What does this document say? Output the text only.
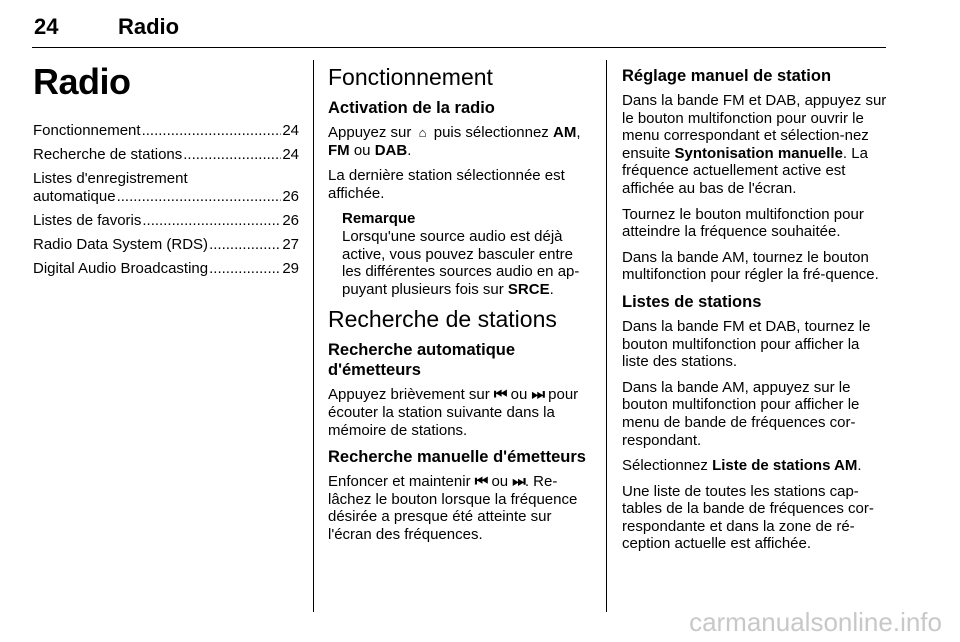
24	Radio
Radio
Fonctionnement .....	24
Recherche de stations .....	24
Listes d'enregistrement
automatique .....	26
Listes de favoris .....	26
Radio Data System (RDS) .....	27
Digital Audio Broadcasting .....	29
Fonctionnement
Activation de la radio

Appuyez sur ⌂ puis sélectionnez AM, FM ou DAB.

La dernière station sélectionnée est affichée.

Remarque

Lorsqu'une source audio est déjà active, vous pouvez basculer entre les différentes sources audio en ap-puyant plusieurs fois sur SRCE.

Recherche de stations
Recherche automatique d'émetteurs

Appuyez brièvement sur ⏮ ou ⏭ pour écouter la station suivante dans la mémoire de stations.

Recherche manuelle d'émetteurs

Enfoncer et maintenir ⏮ ou ⏭. Re-lâchez le bouton lorsque la fréquence désirée a presque été atteinte sur l'écran des fréquences.

Réglage manuel de station

Dans la bande FM et DAB, appuyez sur le bouton multifonction pour ouvrir le menu correspondant et sélection-nez ensuite Syntonisation manuelle. La fréquence actuellement active est affichée au bas de l'écran.

Tournez le bouton multifonction pour atteindre la fréquence souhaitée.

Dans la bande AM, tournez le bouton multifonction pour régler la fré-quence.

Listes de stations

Dans la bande FM et DAB, tournez le bouton multifonction pour afficher la liste des stations.

Dans la bande AM, appuyez sur le bouton multifonction pour afficher le menu de bande de fréquences cor-respondant.

Sélectionnez Liste de stations AM.

Une liste de toutes les stations cap-tables de la bande de fréquences cor-respondante et dans la zone de ré-ception actuelle est affichée.

carmanualsonline.info
